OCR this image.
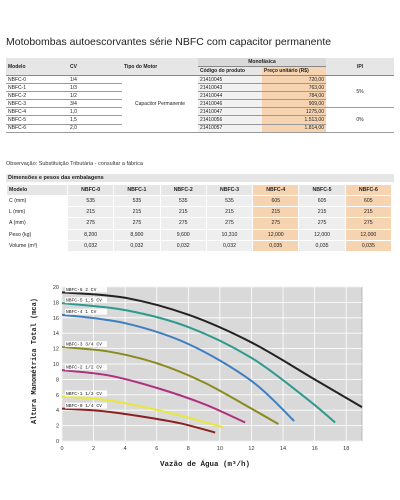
Motobombas autoescorvantes série NBFC com capacitor permanente
Modelo	CV	Tipo do Motor	Monofásica		IPI
			Código do produto	Preço unitário (R$)	
NBFC-0	1/4	Capacitor Permanente	21410045	720,00	5%
NBFC-1	1/3		21410043	763,00	
NBFC-2	1/2		21410044	784,00	
NBFC-3	3/4		21410046	909,00	
NBFC-4	1,0		21410047	1275,00	0%
NBFC-5	1,5		21410056	1.513,00	
NBFC-6	2,0		21410057	1.814,00	
Observação: Substituição Tributária - consultar a fábrica
Dimensões e pesos das embalagens
Modelo	NBFC-0	NBFC-1	NBFC-2	NBFC-3	NBFC-4	NBFC-5	NBFC-6
C (mm)	535	535	535	535	605	605	605
L (mm)	215	215	215	215	215	215	215
A (mm)	275	275	275	275	275	275	275
Peso (kg)	8,200	8,900	9,600	10,310	12,000	12,000	12,000
Volume (m³)	0,032	0,032	0,032	0,032	0,035	0,035	0,035
NBFC-6 2 CV
NBFC-5 1,5 CV
NBFC-4 1 CV
NBFC-3 3/4 CV
NBFC-2 1/2 CV
NBFC-1 1/3 CV
NBFC-0 1/4 CV
0	2	4	6	8	10	12	14	16	18
0
2
4
6
8
10
12
14
16
18
20
Vazão de Água (m³/h)
Altura Manométrica Total (mca)
